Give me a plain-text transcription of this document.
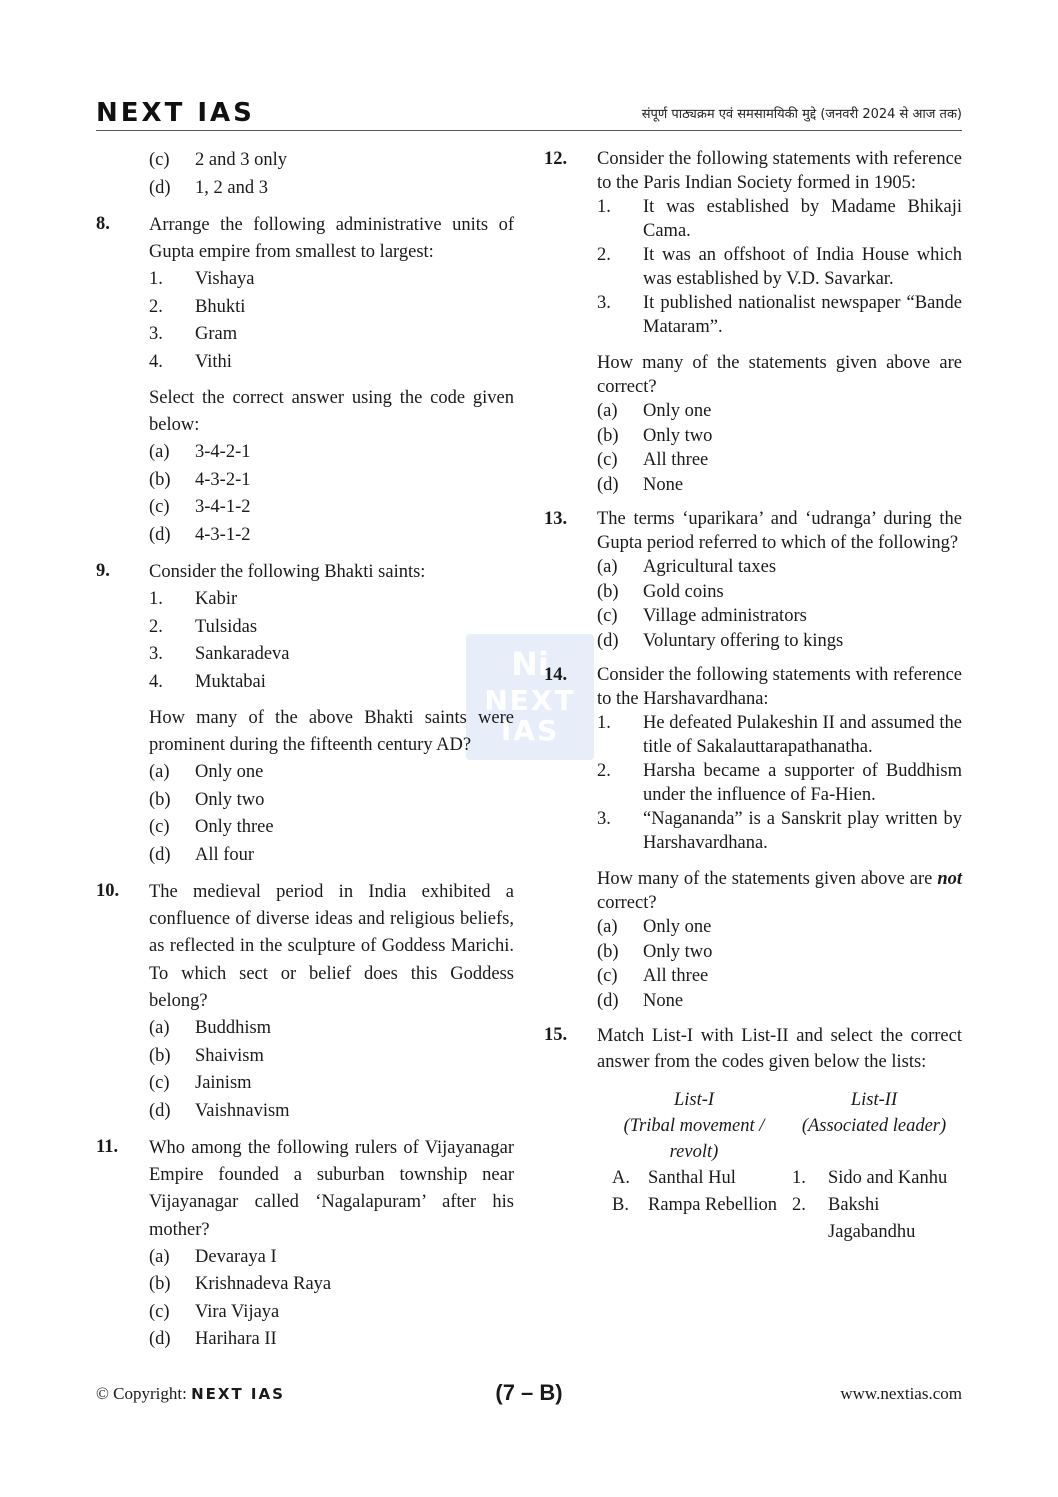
NEXT IAS	संपूर्ण पाठ्यक्रम एवं समसामयिकी मुद्दे (जनवरी 2024 से आज तक)
Ni
NEXT
IAS
(c)	2 and 3 only
(d)	1, 2 and 3
8. Arrange the following administrative units of Gupta empire from smallest to largest:
1.	Vishaya
2.	Bhukti
3.	Gram
4.	Vithi
Select the correct answer using the code given below:
(a)	3-4-2-1
(b)	4-3-2-1
(c)	3-4-1-2
(d)	4-3-1-2
9. Consider the following Bhakti saints:
1.	Kabir
2.	Tulsidas
3.	Sankaradeva
4.	Muktabai
How many of the above Bhakti saints were prominent during the fifteenth century AD?
(a)	Only one
(b)	Only two
(c)	Only three
(d)	All four
10. The medieval period in India exhibited a confluence of diverse ideas and religious beliefs, as reflected in the sculpture of Goddess Marichi. To which sect or belief does this Goddess belong?
(a)	Buddhism
(b)	Shaivism
(c)	Jainism
(d)	Vaishnavism
11. Who among the following rulers of Vijayanagar Empire founded a suburban township near Vijayanagar called ‘Nagalapuram’ after his mother?
(a)	Devaraya I
(b)	Krishnadeva Raya
(c)	Vira Vijaya
(d)	Harihara II
12. Consider the following statements with reference to the Paris Indian Society formed in 1905:
1.	It was established by Madame Bhikaji Cama.
2.	It was an offshoot of India House which was established by V.D. Savarkar.
3.	It published nationalist newspaper “Bande Mataram”.
How many of the statements given above are correct?
(a)	Only one
(b)	Only two
(c)	All three
(d)	None
13. The terms ‘uparikara’ and ‘udranga’ during the Gupta period referred to which of the following?
(a)	Agricultural taxes
(b)	Gold coins
(c)	Village administrators
(d)	Voluntary offering to kings
14. Consider the following statements with reference to the Harshavardhana:
1.	He defeated Pulakeshin II and assumed the title of Sakalauttarapathanatha.
2.	Harsha became a supporter of Buddhism under the influence of Fa-Hien.
3.	“Nagananda” is a Sanskrit play written by Harshavardhana.
How many of the statements given above are not correct?
(a)	Only one
(b)	Only two
(c)	All three
(d)	None
15. Match List-I with List-II and select the correct answer from the codes given below the lists:
List-I	List-II
(Tribal movement / revolt)
(Associated leader)
A. Santhal Hul	1.	Sido and Kanhu
B.	Rampa Rebellion 2.	Bakshi Jagabandhu
© Copyright: NEXT IAS	(7 – B)	www.nextias.com
